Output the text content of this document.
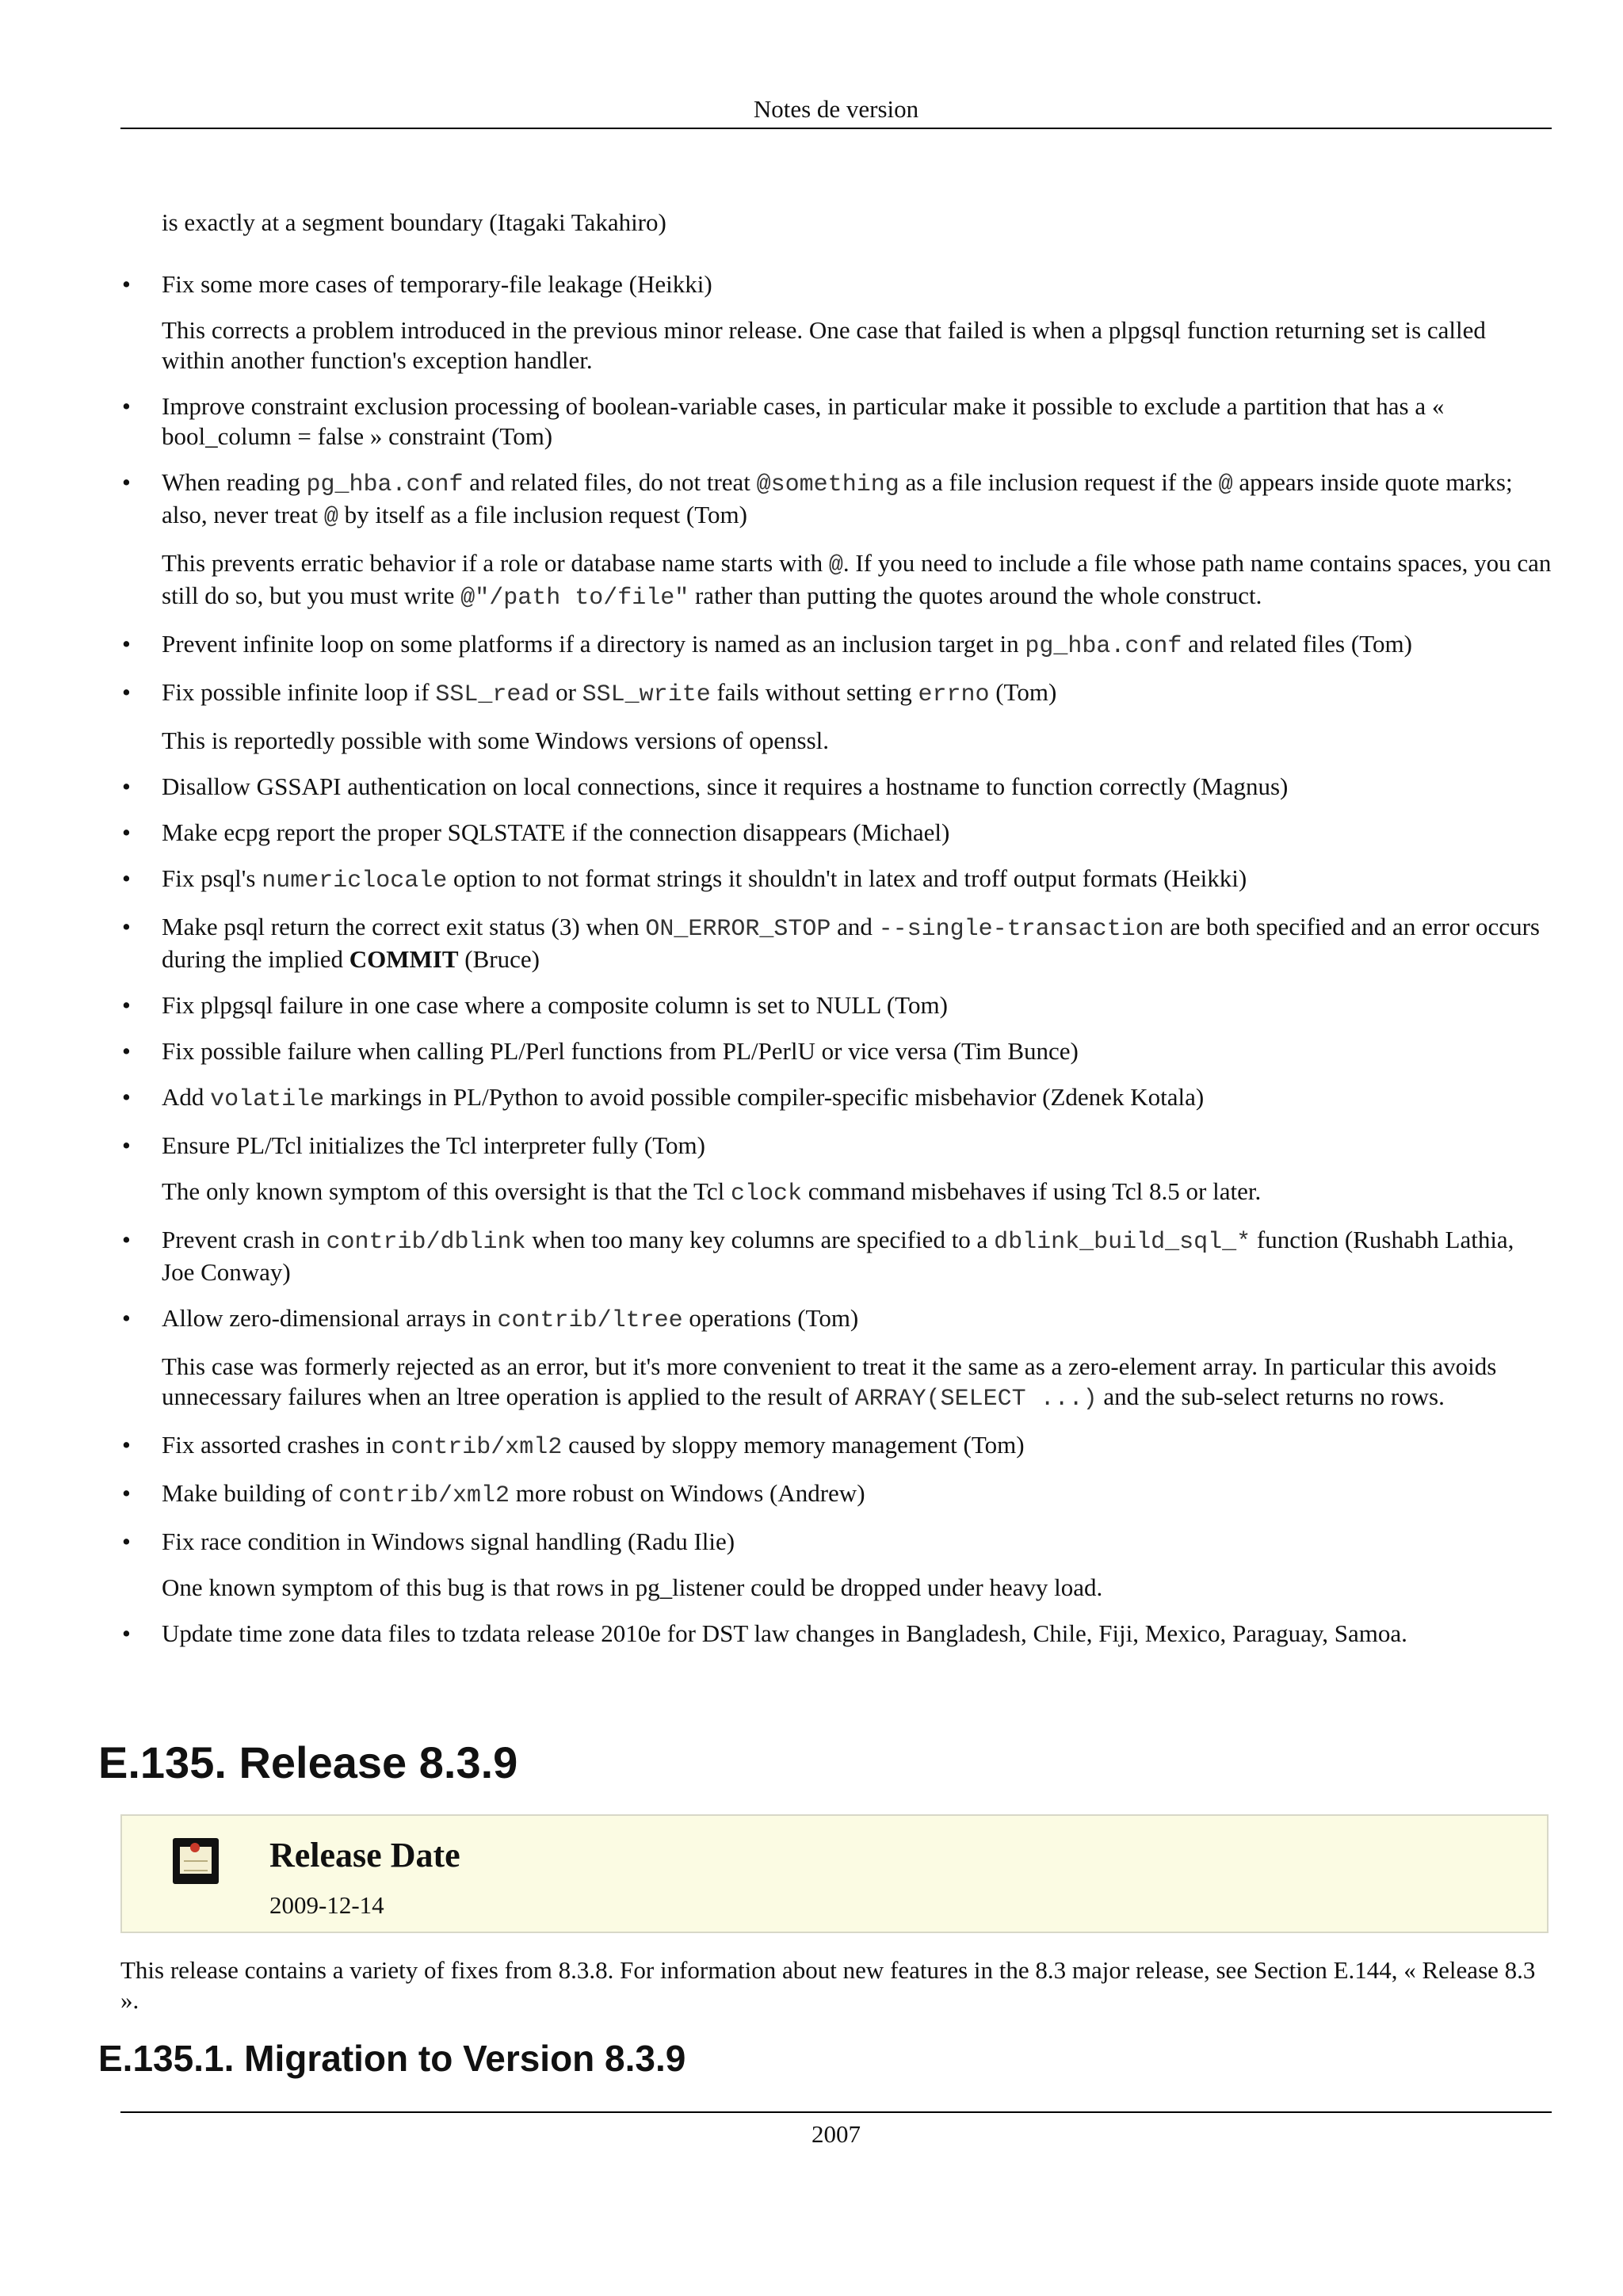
Notes de version

is exactly at a segment boundary (Itagaki Takahiro)

• Fix some more cases of temporary-file leakage (Heikki)

This corrects a problem introduced in the previous minor release. One case that failed is when a plpgsql function returning set is called within another function's exception handler.

• Improve constraint exclusion processing of boolean-variable cases, in particular make it possible to exclude a partition that has a « bool_column = false » constraint (Tom)

• When reading pg_hba.conf and related files, do not treat @something as a file inclusion request if the @ appears inside quote marks; also, never treat @ by itself as a file inclusion request (Tom)

This prevents erratic behavior if a role or database name starts with @. If you need to include a file whose path name contains spaces, you can still do so, but you must write @"/path to/file" rather than putting the quotes around the whole construct.

• Prevent infinite loop on some platforms if a directory is named as an inclusion target in pg_hba.conf and related files (Tom)

• Fix possible infinite loop if SSL_read or SSL_write fails without setting errno (Tom)

This is reportedly possible with some Windows versions of openssl.

• Disallow GSSAPI authentication on local connections, since it requires a hostname to function correctly (Magnus)

• Make ecpg report the proper SQLSTATE if the connection disappears (Michael)

• Fix psql's numericlocale option to not format strings it shouldn't in latex and troff output formats (Heikki)

• Make psql return the correct exit status (3) when ON_ERROR_STOP and --single-transaction are both specified and an error occurs during the implied COMMIT (Bruce)

• Fix plpgsql failure in one case where a composite column is set to NULL (Tom)

• Fix possible failure when calling PL/Perl functions from PL/PerlU or vice versa (Tim Bunce)

• Add volatile markings in PL/Python to avoid possible compiler-specific misbehavior (Zdenek Kotala)

• Ensure PL/Tcl initializes the Tcl interpreter fully (Tom)

The only known symptom of this oversight is that the Tcl clock command misbehaves if using Tcl 8.5 or later.

• Prevent crash in contrib/dblink when too many key columns are specified to a dblink_build_sql_* function (Rushabh Lathia, Joe Conway)

• Allow zero-dimensional arrays in contrib/ltree operations (Tom)

This case was formerly rejected as an error, but it's more convenient to treat it the same as a zero-element array. In particular this avoids unnecessary failures when an ltree operation is applied to the result of ARRAY(SELECT ...) and the sub-select returns no rows.

• Fix assorted crashes in contrib/xml2 caused by sloppy memory management (Tom)

• Make building of contrib/xml2 more robust on Windows (Andrew)

• Fix race condition in Windows signal handling (Radu Ilie)

One known symptom of this bug is that rows in pg_listener could be dropped under heavy load.

• Update time zone data files to tzdata release 2010e for DST law changes in Bangladesh, Chile, Fiji, Mexico, Paraguay, Samoa.

E.135. Release 8.3.9
Release Date
2009-12-14

This release contains a variety of fixes from 8.3.8. For information about new features in the 8.3 major release, see Section E.144, « Release 8.3 ».

E.135.1. Migration to Version 8.3.9
2007
